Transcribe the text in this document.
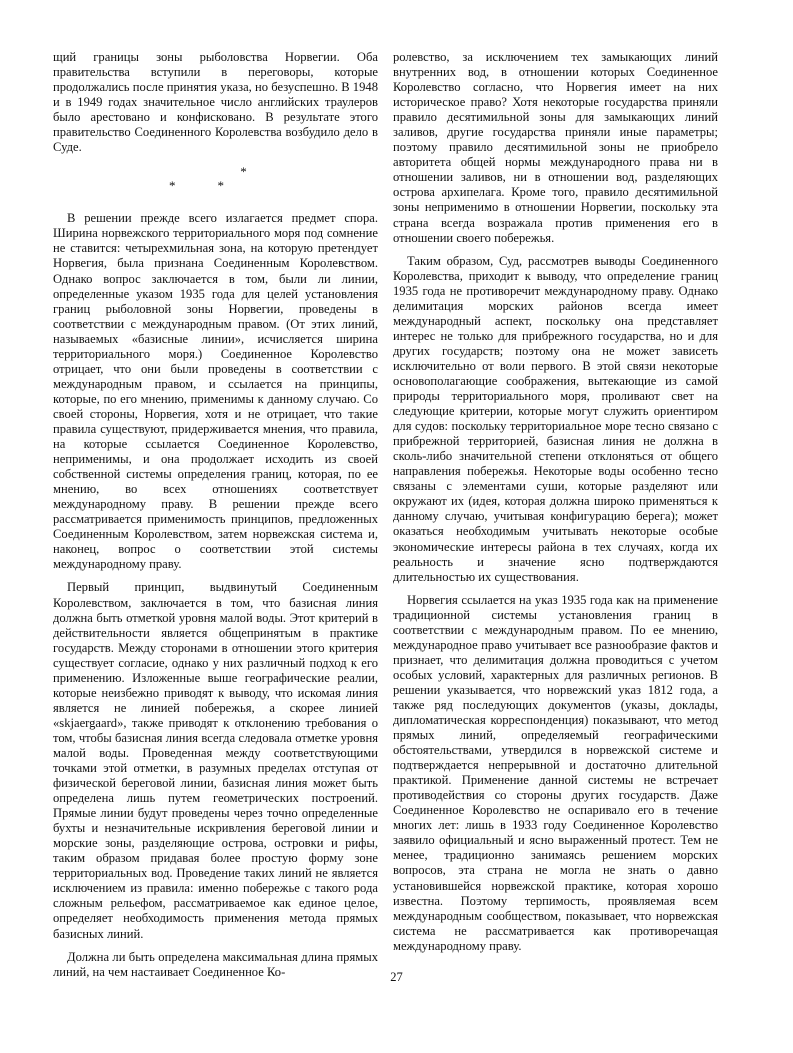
щий границы зоны рыболовства Норвегии. Оба правительства вступили в переговоры, которые продолжались после принятия указа, но безуспешно. В 1948 и в 1949 годах значительное число английских траулеров было арестовано и конфисковано. В результате этого правительство Соединенного Королевства возбудило дело в Суде.

*
**

В решении прежде всего излагается предмет спора. Ширина норвежского территориального моря под сомнение не ставится: четырехмильная зона, на которую претендует Норвегия, была признана Соединенным Королевством. Однако вопрос заключается в том, были ли линии, определенные указом 1935 года для целей установления границ рыболовной зоны Норвегии, проведены в соответствии с международным правом. (От этих линий, называемых «базисные линии», исчисляется ширина территориального моря.) Соединенное Королевство отрицает, что они были проведены в соответствии с международным правом, и ссылается на принципы, которые, по его мнению, применимы к данному случаю. Со своей стороны, Норвегия, хотя и не отрицает, что такие правила существуют, придерживается мнения, что правила, на которые ссылается Соединенное Королевство, неприменимы, и она продолжает исходить из своей собственной системы определения границ, которая, по ее мнению, во всех отношениях соответствует международному праву. В решении прежде всего рассматривается применимость принципов, предложенных Соединенным Королевством, затем норвежская система и, наконец, вопрос о соответствии этой системы международному праву.

Первый принцип, выдвинутый Соединенным Королевством, заключается в том, что базисная линия должна быть отметкой уровня малой воды. Этот критерий в действительности является общепринятым в практике государств. Между сторонами в отношении этого критерия существует согласие, однако у них различный подход к его применению. Изложенные выше географические реалии, которые неизбежно приводят к выводу, что искомая линия является не линией побережья, а скорее линией «skjaergaard», также приводят к отклонению требования о том, чтобы базисная линия всегда следовала отметке уровня малой воды. Проведенная между соответствующими точками этой отметки, в разумных пределах отступая от физической береговой линии, базисная линия может быть определена лишь путем геометрических построений. Прямые линии будут проведены через точно определенные бухты и незначительные искривления береговой линии и морские зоны, разделяющие острова, островки и рифы, таким образом придавая более простую форму зоне территориальных вод. Проведение таких линий не является исключением из правила: именно побережье с такого рода сложным рельефом, рассматриваемое как единое целое, определяет необходимость применения метода прямых базисных линий.

Должна ли быть определена максимальная длина прямых линий, на чем настаивает Соединенное Ко-

ролевство, за исключением тех замыкающих линий внутренних вод, в отношении которых Соединенное Королевство согласно, что Норвегия имеет на них историческое право? Хотя некоторые государства приняли правило десятимильной зоны для замыкающих линий заливов, другие государства приняли иные параметры; поэтому правило десятимильной зоны не приобрело авторитета общей нормы международного права ни в отношении заливов, ни в отношении вод, разделяющих острова архипелага. Кроме того, правило десятимильной зоны неприменимо в отношении Норвегии, поскольку эта страна всегда возражала против применения его в отношении своего побережья.

Таким образом, Суд, рассмотрев выводы Соединенного Королевства, приходит к выводу, что определение границ 1935 года не противоречит международному праву. Однако делимитация морских районов всегда имеет международный аспект, поскольку она представляет интерес не только для прибрежного государства, но и для других государств; поэтому она не может зависеть исключительно от воли первого. В этой связи некоторые основополагающие соображения, вытекающие из самой природы территориального моря, проливают свет на следующие критерии, которые могут служить ориентиром для судов: поскольку территориальное море тесно связано с прибрежной территорией, базисная линия не должна в сколь-либо значительной степени отклоняться от общего направления побережья. Некоторые воды особенно тесно связаны с элементами суши, которые разделяют или окружают их (идея, которая должна широко применяться к данному случаю, учитывая конфигурацию берега); может оказаться необходимым учитывать некоторые особые экономические интересы района в тех случаях, когда их реальность и значение ясно подтверждаются длительностью их существования.

Норвегия ссылается на указ 1935 года как на применение традиционной системы установления границ в соответствии с международным правом. По ее мнению, международное право учитывает все разнообразие фактов и признает, что делимитация должна проводиться с учетом особых условий, характерных для различных регионов. В решении указывается, что норвежский указ 1812 года, а также ряд последующих документов (указы, доклады, дипломатическая корреспонденция) показывают, что метод прямых линий, определяемый географическими обстоятельствами, утвердился в норвежской системе и подтверждается непрерывной и достаточно длительной практикой. Применение данной системы не встречает противодействия со стороны других государств. Даже Соединенное Королевство не оспаривало его в течение многих лет: лишь в 1933 году Соединенное Королевство заявило официальный и ясно выраженный протест. Тем не менее, традиционно занимаясь решением морских вопросов, эта страна не могла не знать о давно установившейся норвежской практике, которая хорошо известна. Поэтому терпимость, проявляемая всем международным сообществом, показывает, что норвежская система не рассматривается как противоречащая международному праву.

27
